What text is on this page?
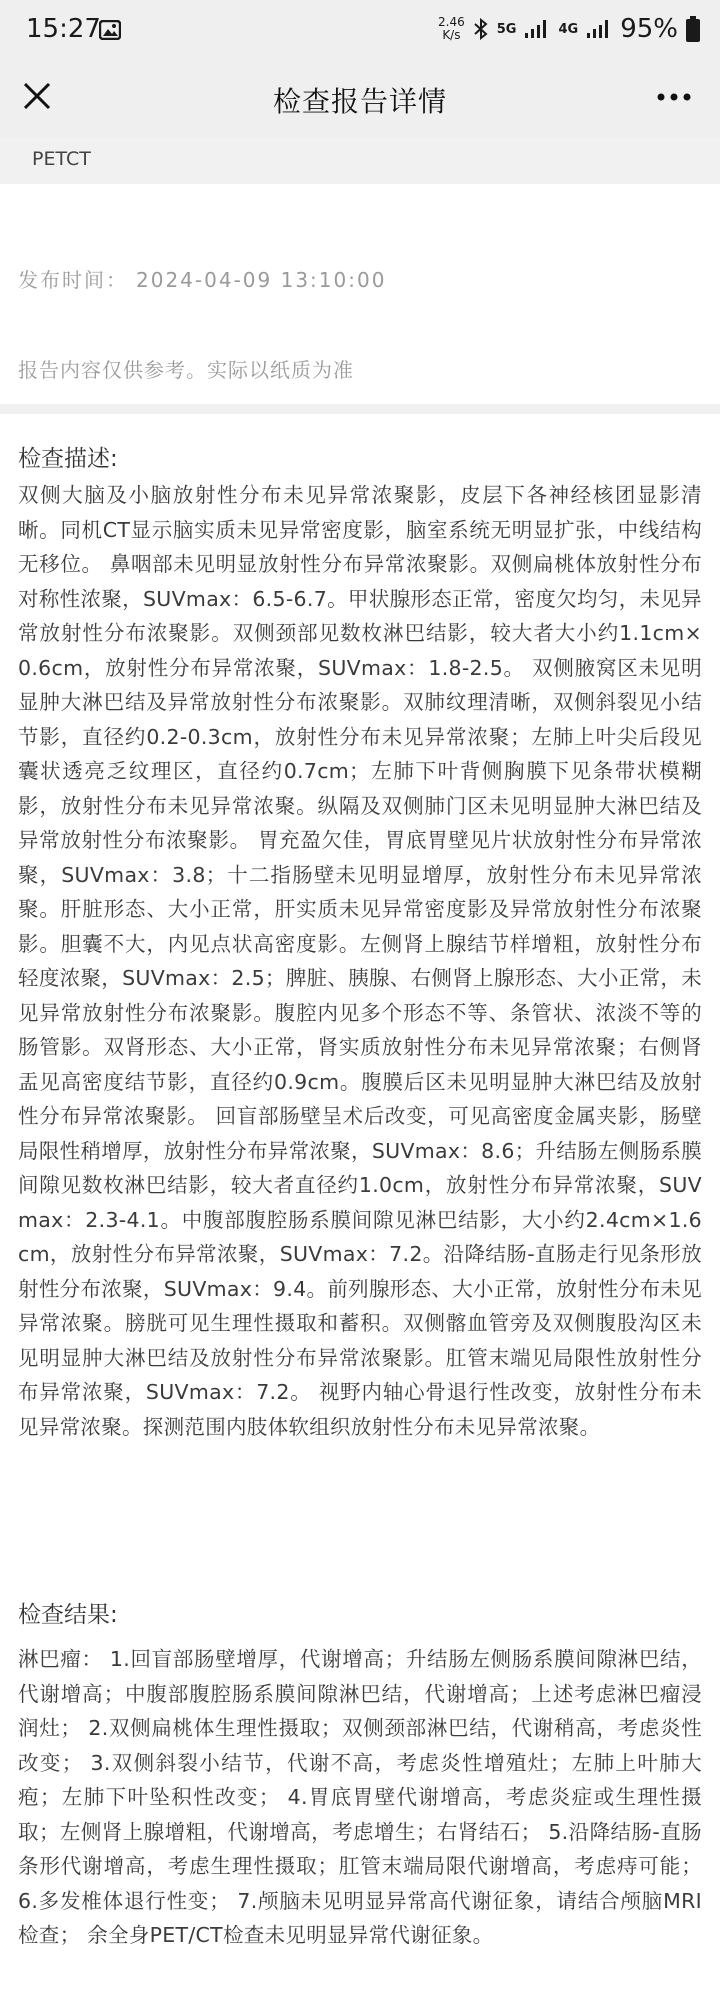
15:27	2.46
K/s	5G	4G 95%
检查报告详情
PETCT
发布时间： 2024-04-09 13:10:00
报告内容仅供参考。实际以纸质为准
检查描述:
双侧大脑及小脑放射性分布未见异常浓聚影，皮层下各神经核团显影清晰。同机CT显示脑实质未见异常密度影，脑室系统无明显扩张，中线结构无移位。 鼻咽部未见明显放射性分布异常浓聚影。双侧扁桃体放射性分布对称性浓聚，SUVmax：6.5-6.7。甲状腺形态正常，密度欠均匀，未见异常放射性分布浓聚影。双侧颈部见数枚淋巴结影，较大者大小约1.1cm×0.6cm，放射性分布异常浓聚，SUVmax：1.8-2.5。 双侧腋窝区未见明显肿大淋巴结及异常放射性分布浓聚影。双肺纹理清晰，双侧斜裂见小结节影，直径约0.2-0.3cm，放射性分布未见异常浓聚；左肺上叶尖后段见囊状透亮乏纹理区，直径约0.7cm；左肺下叶背侧胸膜下见条带状模糊影，放射性分布未见异常浓聚。纵隔及双侧肺门区未见明显肿大淋巴结及异常放射性分布浓聚影。 胃充盈欠佳，胃底胃壁见片状放射性分布异常浓聚，SUVmax：3.8；十二指肠壁未见明显增厚，放射性分布未见异常浓聚。肝脏形态、大小正常，肝实质未见异常密度影及异常放射性分布浓聚影。胆囊不大，内见点状高密度影。左侧肾上腺结节样增粗，放射性分布轻度浓聚，SUVmax：2.5；脾脏、胰腺、右侧肾上腺形态、大小正常，未见异常放射性分布浓聚影。腹腔内见多个形态不等、条管状、浓淡不等的肠管影。双肾形态、大小正常，肾实质放射性分布未见异常浓聚；右侧肾盂见高密度结节影，直径约0.9cm。腹膜后区未见明显肿大淋巴结及放射性分布异常浓聚影。 回盲部肠壁呈术后改变，可见高密度金属夹影，肠壁局限性稍增厚，放射性分布异常浓聚，SUVmax：8.6；升结肠左侧肠系膜间隙见数枚淋巴结影，较大者直径约1.0cm，放射性分布异常浓聚，SUVmax：2.3-4.1。中腹部腹腔肠系膜间隙见淋巴结影，大小约2.4cm×1.6cm，放射性分布异常浓聚，SUVmax：7.2。沿降结肠-直肠走行见条形放射性分布浓聚，SUVmax：9.4。前列腺形态、大小正常，放射性分布未见异常浓聚。膀胱可见生理性摄取和蓄积。双侧髂血管旁及双侧腹股沟区未见明显肿大淋巴结及放射性分布异常浓聚影。肛管末端见局限性放射性分布异常浓聚，SUVmax：7.2。 视野内轴心骨退行性改变，放射性分布未见异常浓聚。探测范围内肢体软组织放射性分布未见异常浓聚。
检查结果:
淋巴瘤： 1.回盲部肠壁增厚，代谢增高；升结肠左侧肠系膜间隙淋巴结，代谢增高；中腹部腹腔肠系膜间隙淋巴结，代谢增高；上述考虑淋巴瘤浸润灶； 2.双侧扁桃体生理性摄取；双侧颈部淋巴结，代谢稍高，考虑炎性改变； 3.双侧斜裂小结节，代谢不高，考虑炎性增殖灶；左肺上叶肺大疱；左肺下叶坠积性改变； 4.胃底胃壁代谢增高，考虑炎症或生理性摄取；左侧肾上腺增粗，代谢增高，考虑增生；右肾结石； 5.沿降结肠-直肠条形代谢增高，考虑生理性摄取；肛管末端局限代谢增高，考虑痔可能； 6.多发椎体退行性变； 7.颅脑未见明显异常高代谢征象，请结合颅脑MRI检查； 余全身PET/CT检查未见明显异常代谢征象。
